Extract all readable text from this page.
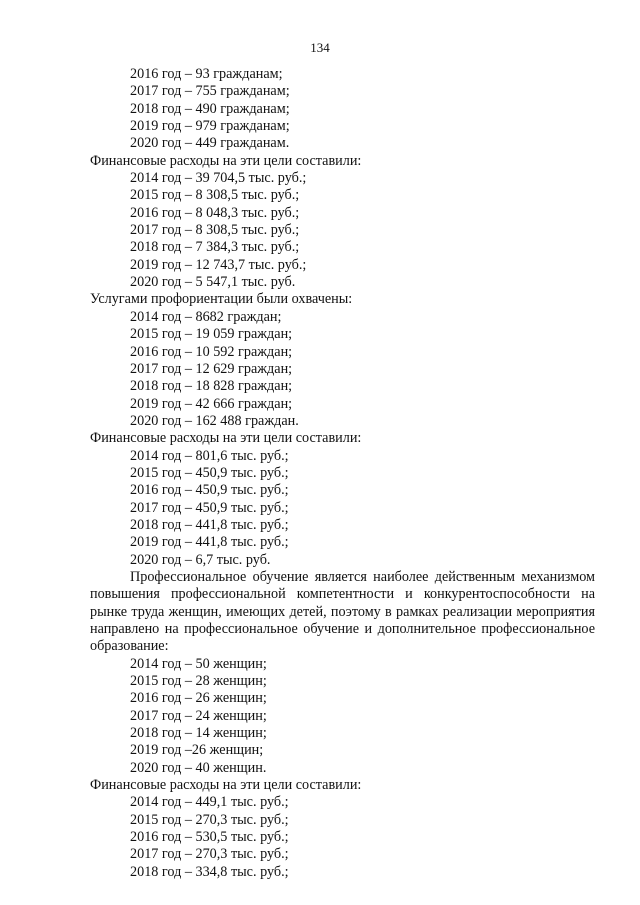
134
2016 год – 93 гражданам;
2017 год – 755 гражданам;
2018 год – 490 гражданам;
2019 год – 979 гражданам;
2020 год – 449 гражданам.
Финансовые расходы на эти цели составили:
2014 год – 39 704,5 тыс. руб.;
2015 год – 8 308,5 тыс. руб.;
2016 год – 8 048,3 тыс. руб.;
2017 год – 8 308,5 тыс. руб.;
2018 год – 7 384,3 тыс. руб.;
2019 год – 12 743,7 тыс. руб.;
2020 год – 5 547,1 тыс. руб.
Услугами профориентации были охвачены:
2014 год – 8682 граждан;
2015 год – 19 059 граждан;
2016 год – 10 592 граждан;
2017 год – 12 629 граждан;
2018 год – 18 828 граждан;
2019 год – 42 666 граждан;
2020 год – 162 488 граждан.
Финансовые расходы на эти цели составили:
2014 год – 801,6 тыс. руб.;
2015 год – 450,9 тыс. руб.;
2016 год – 450,9 тыс. руб.;
2017 год – 450,9 тыс. руб.;
2018 год – 441,8 тыс. руб.;
2019 год – 441,8 тыс. руб.;
2020 год – 6,7 тыс. руб.
Профессиональное обучение является наиболее действенным механизмом повышения профессиональной компетентности и конкурентоспособности на рынке труда женщин, имеющих детей, поэтому в рамках реализации мероприятия направлено на профессиональное обучение и дополнительное профессиональное образование:
2014 год – 50 женщин;
2015 год – 28 женщин;
2016 год – 26 женщин;
2017 год – 24 женщин;
2018 год – 14 женщин;
2019 год –26 женщин;
2020 год – 40 женщин.
Финансовые расходы на эти цели составили:
2014 год – 449,1 тыс. руб.;
2015 год – 270,3 тыс. руб.;
2016 год – 530,5 тыс. руб.;
2017 год – 270,3 тыс. руб.;
2018 год – 334,8 тыс. руб.;
